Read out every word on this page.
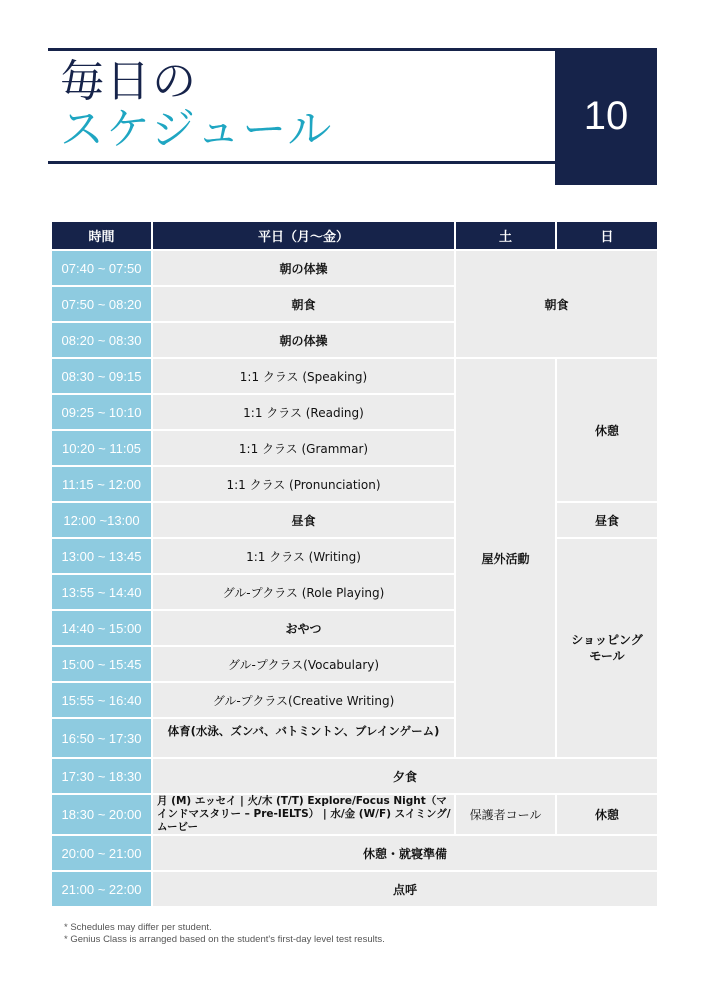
毎日の
スケジュール	10
時間	平日（月〜金）	土	日
07:40 ~ 07:50	朝の体操	朝食	
07:50 ~ 08:20	朝食		
08:20 ~ 08:30	朝の体操		
08:30 ~ 09:15	1:1 クラス (Speaking)	屋外活動	休憩
09:25 ~ 10:10	1:1 クラス (Reading)		
10:20 ~ 11:05	1:1 クラス (Grammar)		
11:15 ~ 12:00	1:1 クラス (Pronunciation)		
12:00 ~13:00	昼食		昼食
13:00 ~ 13:45	1:1 クラス (Writing)		ショッピング
モール
13:55 ~ 14:40	グル-プクラス (Role Playing)		
14:40 ~ 15:00	おやつ		
15:00 ~ 15:45	グル-プクラス(Vocabulary)		
15:55 ~ 16:40	グル-プクラス(Creative Writing)		
16:50 ~ 17:30	体育(水泳、ズンバ、バトミントン、ブレインゲーム)		
17:30 ~ 18:30	夕食		
18:30 ~ 20:00	月 (M) エッセイ | 火/木 (T/T) Explore/Focus Night（マインドマスタリー – Pre-IELTS） | 水/金 (W/F) スイミング/ムービー	保護者コール	休憩
20:00 ~ 21:00	休憩・就寝準備		
21:00 ~ 22:00	点呼		
* Schedules may differ per student.
* Genius Class is arranged based on the student's first-day level test results.
